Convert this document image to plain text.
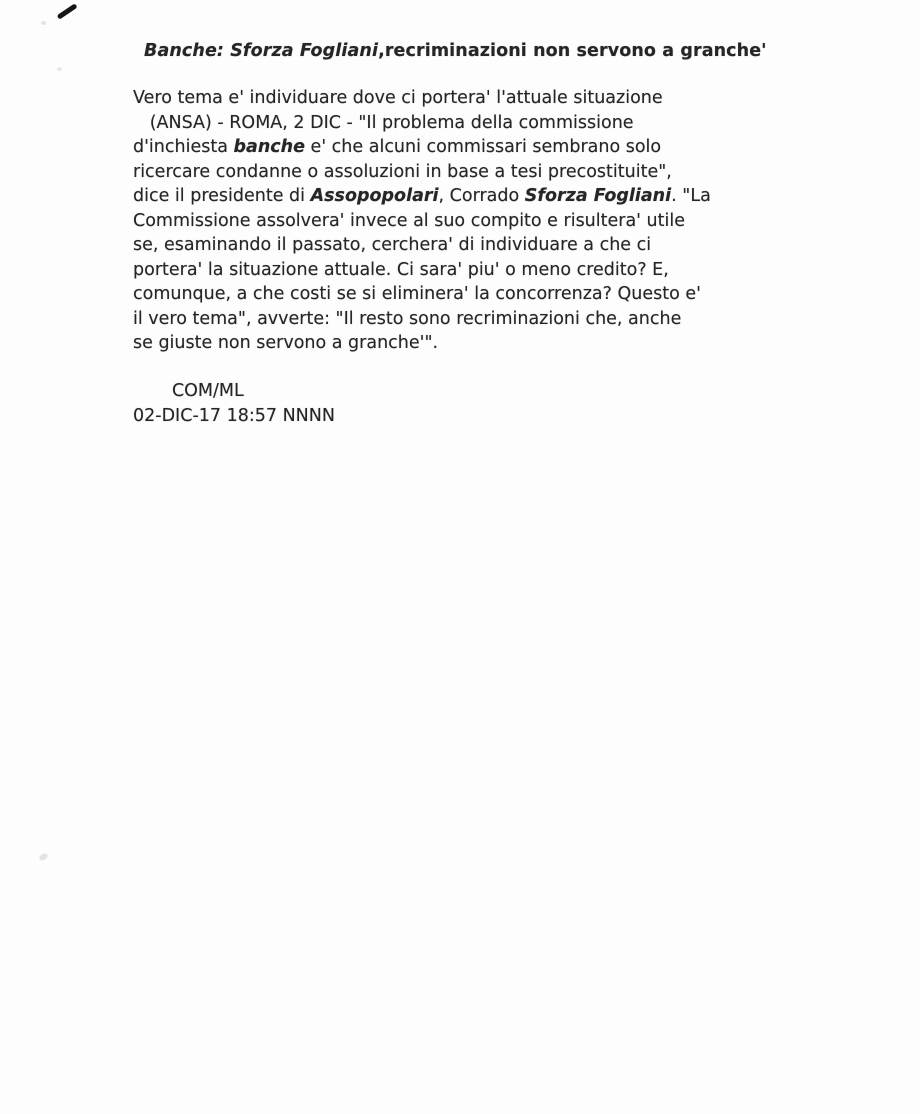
Banche: Sforza Fogliani,recriminazioni non servono a granche'
Vero tema e' individuare dove ci portera' l'attuale situazione
(ANSA) - ROMA, 2 DIC - "Il problema della commissione
d'inchiesta banche e' che alcuni commissari sembrano solo
ricercare condanne o assoluzioni in base a tesi precostituite",
dice il presidente di Assopopolari, Corrado Sforza Fogliani. "La
Commissione assolvera' invece al suo compito e risultera' utile
se, esaminando il passato, cerchera' di individuare a che ci
portera' la situazione attuale. Ci sara' piu' o meno credito? E,
comunque, a che costi se si eliminera' la concorrenza? Questo e'
il vero tema", avverte: "Il resto sono recriminazioni che, anche
se giuste non servono a granche'".
COM/ML
02-DIC-17 18:57 NNNN
